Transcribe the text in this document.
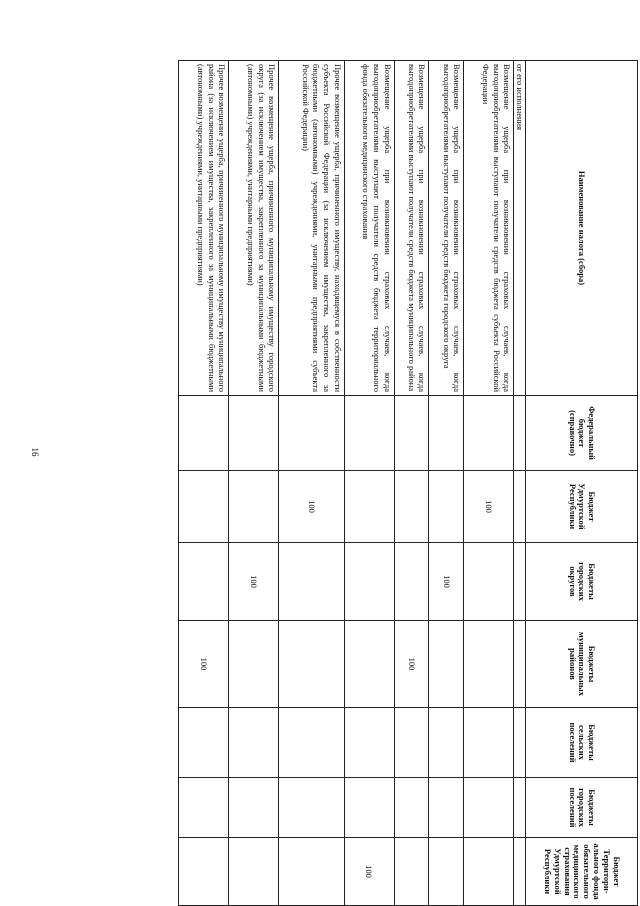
16
Наименование налога (сбора)	Федеральный бюджет (справочно)	Бюджет Удмуртской Республики	Бюджеты городских округов	Бюджеты муниципальных районов	Бюджеты сельских поселений	Бюджеты городских поселений	Бюджет Территори-ального фонда обязательного медицинского страхования Удмуртской Республики
от его исполнения							
Возмещение ущерба при возникновении страховых случаев, когда выгодоприобретателями выступают получатели средств бюджета субъекта Российской Федерации		100					
Возмещение ущерба при возникновении страховых случаев, когда выгодоприобретателями выступают получатели средств бюджета городского округа			100				
Возмещение ущерба при возникновении страховых случаев, когда выгодоприобретателями выступают получатели средств бюджета муниципального района				100			
Возмещение ущерба при возникновении страховых случаев, когда выгодоприобретателями выступают получатели средств бюджета территориального фонда обязательного медицинского страхования							100
Прочее возмещение ущерба, причиненного имуществу, находящемуся в собственности субъекта Российской Федерации (за исключением имущества, закрепленного за бюджетными (автономными) учреждениями, унитарными предприятиями субъекта Российской Федерации)		100					
Прочее возмещение ущерба, причиненного муниципальному имуществу городского округа (за исключением имущества, закрепленного за муниципальными бюджетными (автономными) учреждениями, унитарными предприятиями)			100				
Прочее возмещение ущерба, причиненного муниципальному имуществу муниципального района (за исключением имущества, закрепленного за муниципальными бюджетными (автономными) учреждениями, унитарными предприятиями)				100			
